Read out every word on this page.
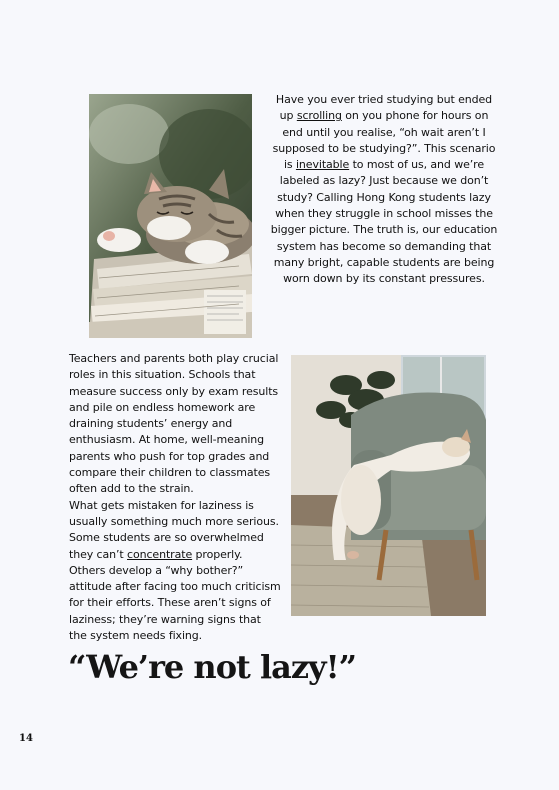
Have you ever tried studying but ended up scrolling on you phone for hours on end until you realise, “oh wait aren’t I supposed to be studying?”. This scenario is inevitable to most of us, and we’re labeled as lazy? Just because we don’t study? Calling Hong Kong students lazy when they struggle in school misses the bigger picture. The truth is, our education system has become so demanding that many bright, capable students are being worn down by its constant pressures.
Teachers and parents both play crucial roles in this situation. Schools that measure success only by exam results and pile on endless homework are draining students’ energy and enthusiasm. At home, well-meaning parents who push for top grades and compare their children to classmates often add to the strain.
What gets mistaken for laziness is usually something much more serious. Some students are so overwhelmed they can’t concentrate properly. Others develop a “why bother?” attitude after facing too much criticism for their efforts. These aren’t signs of laziness; they’re warning signs that the system needs fixing.
“We’re not lazy!”
14
